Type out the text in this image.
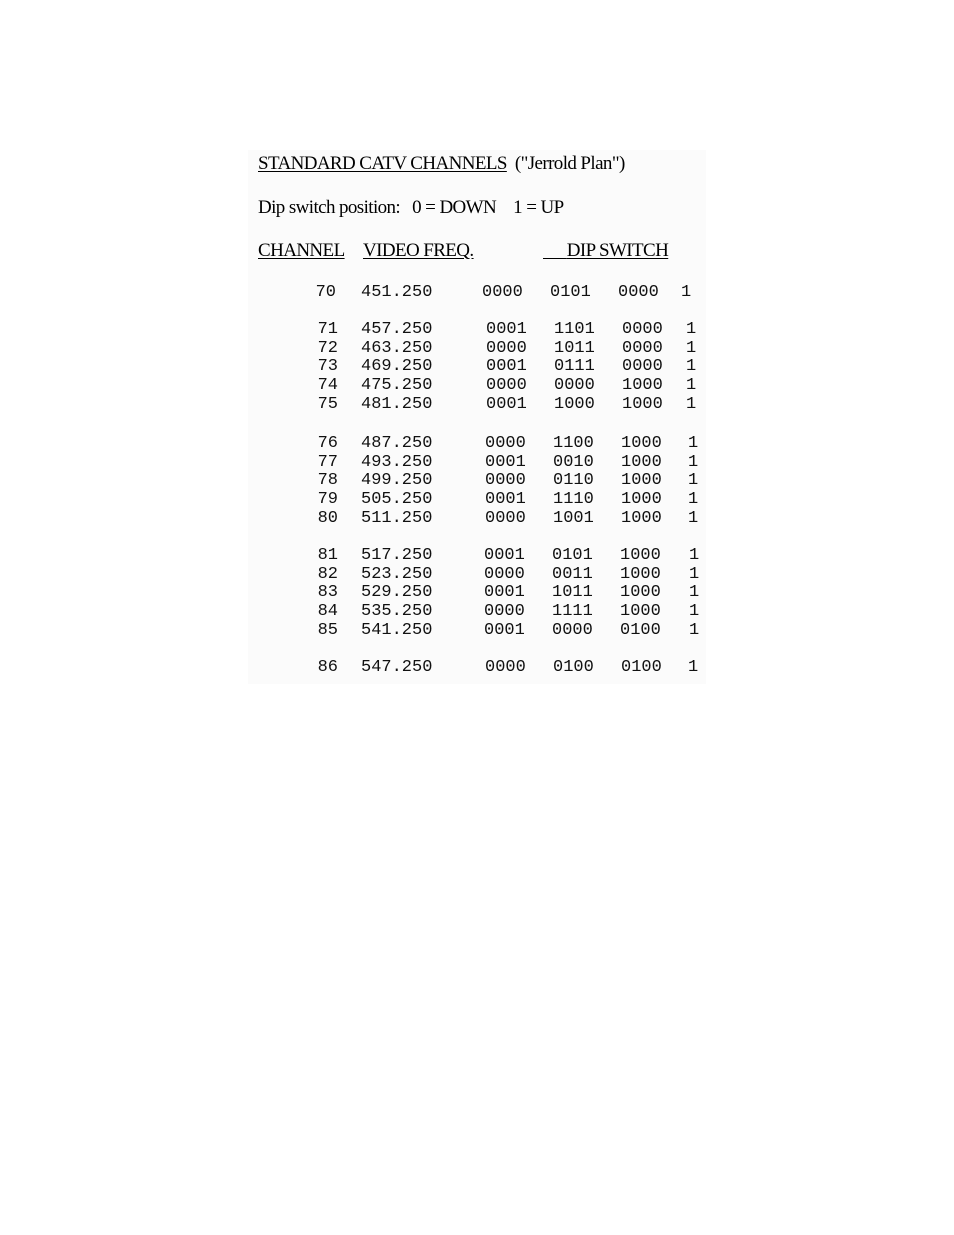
STANDARD CATV CHANNELS ("Jerrold Plan")
Dip switch position: 0 = DOWN 1 = UP
CHANNEL VIDEO FREQ.	DIP SWITCH
70 451.250	0000 0101 0000 1
71 457.250	0001 1101 0000 1
72 463.250	0000 1011 0000 1
73 469.250	0001 0111 0000 1
74 475.250	0000 0000 1000 1
75 481.250	0001 1000 1000 1
76 487.250	0000 1100 1000 1
77 493.250	0001 0010 1000 1
78 499.250	0000 0110 1000 1
79 505.250	0001 1110 1000 1
80 511.250	0000 1001 1000 1
81 517.250	0001 0101 1000 1
82 523.250	0000 0011 1000 1
83 529.250	0001 1011 1000 1
84 535.250	0000 1111 1000 1
85 541.250	0001 0000 0100 1
86 547.250	0000 0100 0100 1
